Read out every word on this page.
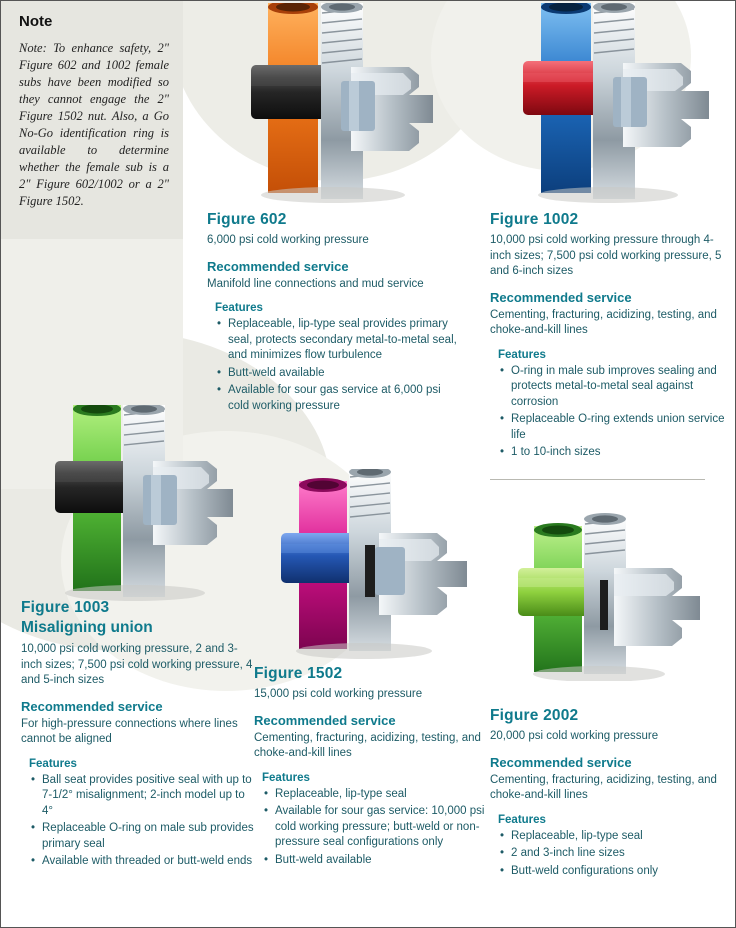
Note
Note: To enhance safety, 2" Figure 602 and 1002 female subs have been modified so they cannot engage the 2" Figure 1502 nut. Also, a Go No-Go identification ring is available to determine whether the female sub is a 2" Figure 602/1002 or a 2" Figure 1502.
Figure 602
6,000 psi cold working pressure
Recommended service
Manifold line connections and mud service
Features
• Replaceable, lip-type seal provides primary seal, protects secondary metal-to-metal seal, and minimizes flow turbulence
• Butt-weld available
• Available for sour gas service at 6,000 psi cold working pressure
Figure 1002
10,000 psi cold working pressure through 4-inch sizes; 7,500 psi cold working pressure, 5 and 6-inch sizes
Recommended service
Cementing, fracturing, acidizing, testing, and choke-and-kill lines
Features
• O-ring in male sub improves sealing and protects metal-to-metal seal against corrosion
• Replaceable O-ring extends union service life
• 1 to 10-inch sizes
Figure 1003
Misaligning union
10,000 psi cold working pressure, 2 and 3-inch sizes; 7,500 psi cold working pressure, 4 and 5-inch sizes
Recommended service
For high-pressure connections where lines cannot be aligned
Features
• Ball seat provides positive seal with up to 7-1/2° misalignment; 2-inch model up to 4°
• Replaceable O-ring on male sub provides primary seal
• Available with threaded or butt-weld ends
Figure 1502
15,000 psi cold working pressure
Recommended service
Cementing, fracturing, acidizing, testing, and choke-and-kill lines
Features
• Replaceable, lip-type seal
• Available for sour gas service: 10,000 psi cold working pressure; butt-weld or non-pressure seal configurations only
• Butt-weld available
Figure 2002
20,000 psi cold working pressure
Recommended service
Cementing, fracturing, acidizing, testing, and choke-and-kill lines
Features
• Replaceable, lip-type seal
• 2 and 3-inch line sizes
• Butt-weld configurations only
